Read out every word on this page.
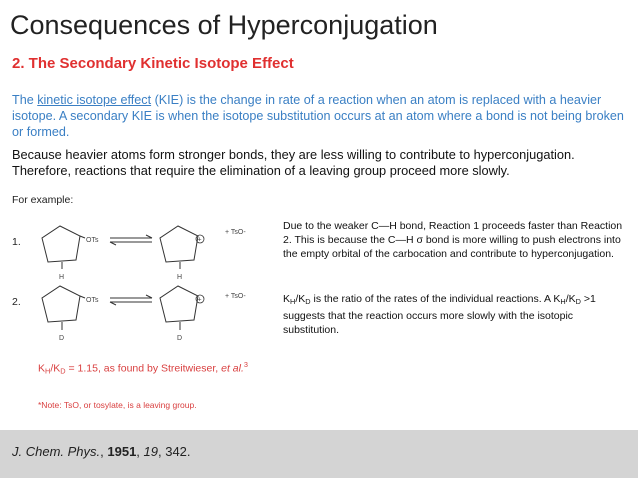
Consequences of Hyperconjugation
2. The Secondary Kinetic Isotope Effect
The kinetic isotope effect (KIE) is the change in rate of a reaction when an atom is replaced with a heavier isotope. A secondary KIE is when the isotope substitution occurs at an atom where a bond is not being broken or formed.
Because heavier atoms form stronger bonds, they are less willing to contribute to hyperconjugation. Therefore, reactions that require the elimination of a leaving group proceed more slowly.
For example:
1.	OTs
H
+
H
+ TsO-
2.	OTs
D
+
D
+ TsO-
Due to the weaker C—H bond, Reaction 1 proceeds faster than Reaction 2. This is because the C—H σ bond is more willing to push electrons into the empty orbital of the carbocation and contribute to hyperconjugation.
$K_H/K_D$ is the ratio of the rates of the individual reactions. A $K_H/K_D >1$ suggests that the reaction occurs more slowly with the isotopic substitution.
$K_H/K_D = 1.15$, as found by Streitwieser, et al.$^3$
*Note: TsO, or tosylate, is a leaving group.
J. Chem. Phys., 1951, 19, 342.
